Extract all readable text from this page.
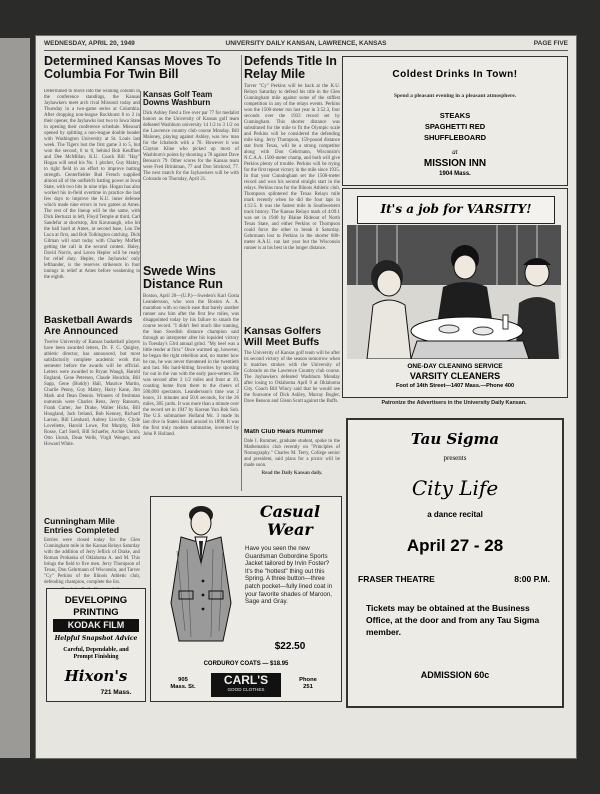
WEDNESDAY, APRIL 20, 1949	UNIVERSITY DAILY KANSAN, LAWRENCE, KANSAS	PAGE FIVE
Determined Kansas Moves To Columbia For Twin Bill

Determined to move into the winning column in the conference standings, the Kansas Jayhawkers meet arch rival Missouri today and Thursday in a two-game series at Columbia. After dropping non-league Rockhurst 8 to 2 in their opener, the Jayhawks lost two to Iowa State in opening their conference schedule. Missouri opened by splitting a non-league double header with Washington University at St. Louis last week. The Tigers lost the first game 3 to 5, but won the second, 6 to 0, behind Bob Keuffner and Dee McMillan. K.U. Coach Bill "Hay" Hogan will send his No. 1 pitcher, Guy Mabry, to right field in an effort to improve batting strength. Centerfielder Bud French supplied almost all of the outfield's batting power at Iowa State, with two hits in nine trips. Hogan has also worked his in-field overtime in practice the last few days to improve the K.U. inner defense which made nine errors in two games at Ames. The rest of the lineup will be the same, with Dick Bertuzzi in left, Floyd Temple at third, Carl Sandefur at shortstop, Jim Kavanaugh, who hit the ball hard at Ames, at second base, Lou De Luca at first, and Bob Tolkington catching. Dick Gilman will start today with Charley Moffett getting the call in the second contest. Haley, David Norris, and Leron Hepler will be ready for relief duty. Hepler, the Jayhawks' only lefthander, is the reserves strikeouts in four innings in relief at Ames before weakening in the eighth.

Kansas Golf Team Downs Washburn

Dick Ashley fired a five over par 77 for medalist honors as the University of Kansas golf team defeated Washburn university 14 1/2 to 3 1/2 on the Lawrence country club course Monday. Bill Maloney, playing against Ashley, was low man for the Ichabods with a 78. However it was Clayton Kline who picked up most of Washburn's points by shooting a 78 against Dave Benson's 79. Other scores for the Kansas team were Fred Brinkman, 77 and Don Stickrod, 77. The next match for the Jayhawkers will be with Colorado on Thursday, April 21.

Swede Wins Distance Run

Boston, April 20—(U.P.)—Sweden's Karl Gosta Leandersson, who won the Boston A. A. marathon with so much ease that barely another runner saw him after the first few miles, was disappointed today by his failure to smash the course record. "I didn't feel much like running, the lean Swedish distance champion said through an interpreter after his lopsided victory in Tuesday's 53rd annual grind. "My heel was a little tender at first." Once warmed up, however, he began the right rebellion and, no matter how he ran, he was never threatened in the twentieth and last. His hard-hitting favorites by sporting for out in the van with the early pace-setters. He was second after 3 1/2 miles and front at 10, coasting home from there to the cheers of 500,000 spectators. Leandersson's time was 2 hours, 31 minutes and 50.8 seconds, for the 26 miles, 385 yards. It was more than a minute over the record set in 1947 by Korean Yun Bok Suh. The U.S. submariner Holland Mc. 3 made its last dive in Staten Island around in 1898. It was the first truly modern submarine, invented by John P. Holland.

Basketball Awards Are Announced

Twelve University of Kansas basketball players have been awarded letters, Dr. F. C. Quigley, athletic director, has announced, but most satisfactorily complete academic work this semester before the awards will be official. Letters were awarded to Bryan Waugh, Harold England, Gene Petersen, Claude Houchin, Bill Sapp, Gene (Buddy) Hall, Maurice Martin, Charlie Penny, Guy Mabry, Harry Kane, Jim Mark and Dean Dennis. Winners of freshman numerals were Charles Renz, Jerry Ransom, Frank Carter, Joe Drake, Walter Hicks, Bill Hougland, Jack Ireland, Bob Kenney, Richard Larson, Bill Lienhard, Aubrey Linville, Clyde Lovellette, Harold Lowe, Pat Murphy, Bob Rosse, Carl Snell, Bill Schaefer, Archie Unruh, Otto Unruh, Dean Wells, Virgil Wenger, and Howard White.

Cunningham Mile Entries Completed

Entries were closed today for the Glen Cunningham mile in the Kansas Relays Saturday with the addition of Jerry Jeflick of Drake, and Roman Prohaska of Oklahoma A. and M. This brings the field to five men. Jerry Thompson of Texas, Don Gehrmann of Wisconsin, and Tarver "Cy" Perkins of the Illinois Athletic club, defending champion, complete the list.

Defends Title In Relay Mile

Tarver "Cy" Perkins will be back at the K.U. Relays Saturday to defend his title in the Glen Cunningham mile against some of the stiffest competition in any of the relays events. Perkins won the 1500-meter run last year in 3:52.3, four seconds over the 1933 record set by Cunningham. This shorter distance was substituted for the mile to fit the Olympic scale and Perkins will be considered the defending mile king. Jerry Thompson, 159-pound distance star from Texas, will be a strong competitor along with Don Gehrmann, Wisconsin's N.C.A.A. 1500-meter champ, and both will give Perkins plenty of trouble. Perkins will be trying for the first repeat victory in the mile since 1935. In that year Cunningham set the 1500-meter record and won his second straight start in the relays. Perkins runs for the Illinois Athletic club. Thompson splintered the Texas Relays mile mark recently when he did the four laps in 4:12.5. It was the fastest mile in Southwestern track history. The Kansas Relays mark of 4:09.1 was set in 1940 by Blaine Rideout of North Texas State, and either Perkins or Thompson could force the other to break it Saturday. Gehrmann lost to Perkins in the shorter 800-meter A.A.U. run last year but the Wisconsin runner is at his best in the longer distance.

Kansas Golfers Will Meet Buffs

The University of Kansas golf team will be after its second victory of the season tomorrow when it matches strokes with the University of Colorado on the Lawrence Country club course. The Jayhawkers defeated Washburn Monday after losing to Oklahoma April 9 at Oklahoma City. Coach Bill Wincy said that he would use the foursome of Dick Ashley, Murray Bogler, Dave Benson and Glenn Scott against the Buffs.

Math Club Hears Rummer

Dale I. Rummer, graduate student, spoke to the Mathematics club recently on "Principles of Nomography." Charles M. Terry, College senior and president, said plans for a picnic will be made soon.

Read the Daily Kansan daily.

Coldest Drinks In Town!
Spend a pleasant evening in a pleasant atmosphere.
STEAKS
SPAGHETTI RED
SHUFFLEBOARD
at
MISSION INN
1904 Mass.
It's a job for VARSITY!
ONE-DAY CLEANING SERVICE
VARSITY CLEANERS
Foot of 14th Street—1407 Mass.—Phone 400
Patronize the Advertisers in the University Daily Kansan.
DEVELOPING
PRINTING
KODAK FILM
Helpful Snapshot Advice
Careful, Dependable, and Prompt Finishing
Hixon's
721 Mass.
Casual Wear
Have you seen the new Guardsman Gobordine Sports Jacket tailored by Irvin Foster? It's the "hottest" thing out this Spring. A three button—three patch pocket—fully lined coat in your favorite shades of Maroon, Sage and Gray.
$22.50
CORDUROY COATS — $18.95
905
Mass. St.	CARL'S
GOOD CLOTHES
Phone
251
Tau Sigma
presents
City Life
a dance recital
April 27 - 28
FRASER THEATRE	8:00 P.M.
Tickets may be obtained at the Business Office, at the door and from any Tau Sigma member.
ADMISSION 60c
